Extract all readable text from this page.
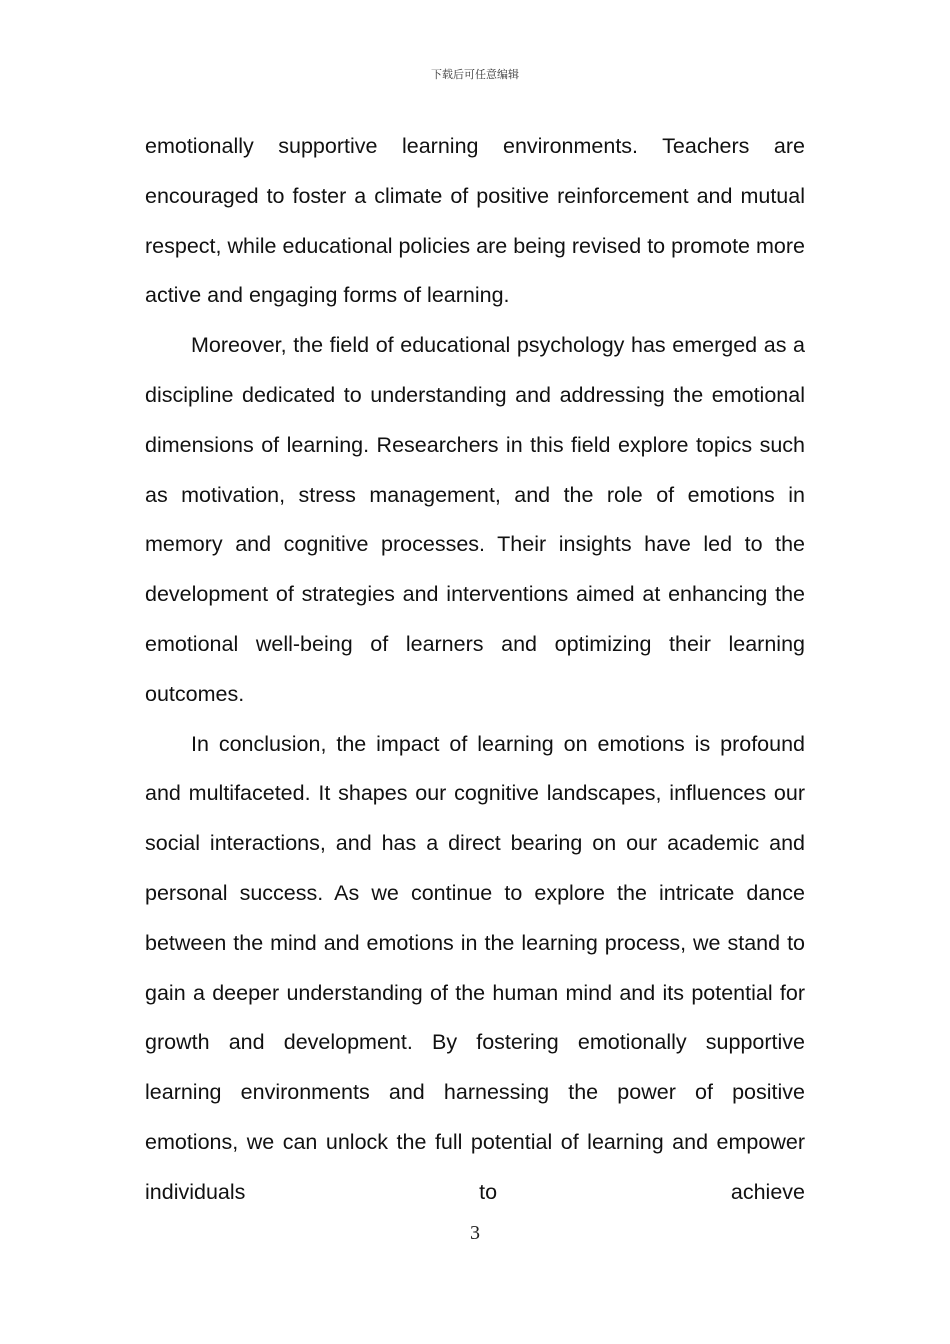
下载后可任意编辑

emotionally supportive learning environments. Teachers are encouraged to foster a climate of positive reinforcement and mutual respect, while educational policies are being revised to promote more active and engaging forms of learning.

Moreover, the field of educational psychology has emerged as a discipline dedicated to understanding and addressing the emotional dimensions of learning. Researchers in this field explore topics such as motivation, stress management, and the role of emotions in memory and cognitive processes. Their insights have led to the development of strategies and interventions aimed at enhancing the emotional well-being of learners and optimizing their learning outcomes.

In conclusion, the impact of learning on emotions is profound and multifaceted. It shapes our cognitive landscapes, influences our social interactions, and has a direct bearing on our academic and personal success. As we continue to explore the intricate dance between the mind and emotions in the learning process, we stand to gain a deeper understanding of the human mind and its potential for growth and development. By fostering emotionally supportive learning environments and harnessing the power of positive emotions, we can unlock the full potential of learning and empower individuals to achieve

3
